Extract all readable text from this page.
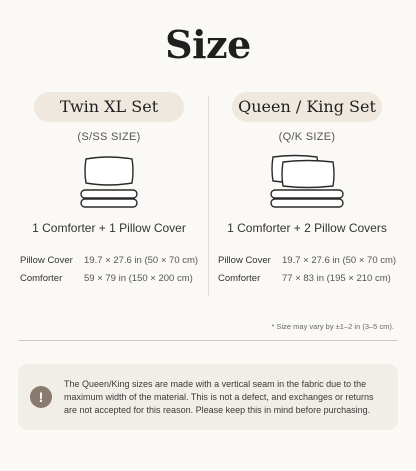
Size
Twin XL Set
(S/SS SIZE)
1 Comforter + 1 Pillow Cover
Pillow Cover	19.7 × 27.6 in (50 × 70 cm)
Comforter	59 × 79 in (150 × 200 cm)
Queen / King Set
(Q/K SIZE)
1 Comforter + 2 Pillow Covers
Pillow Cover	19.7 × 27.6 in (50 × 70 cm)
Comforter	77 × 83 in (195 × 210 cm)
* Size may vary by ±1–2 in (3–5 cm).
!
The Queen/King sizes are made with a vertical seam in the fabric due to the maximum width of the material. This is not a defect, and exchanges or returns are not accepted for this reason. Please keep this in mind before purchasing.
